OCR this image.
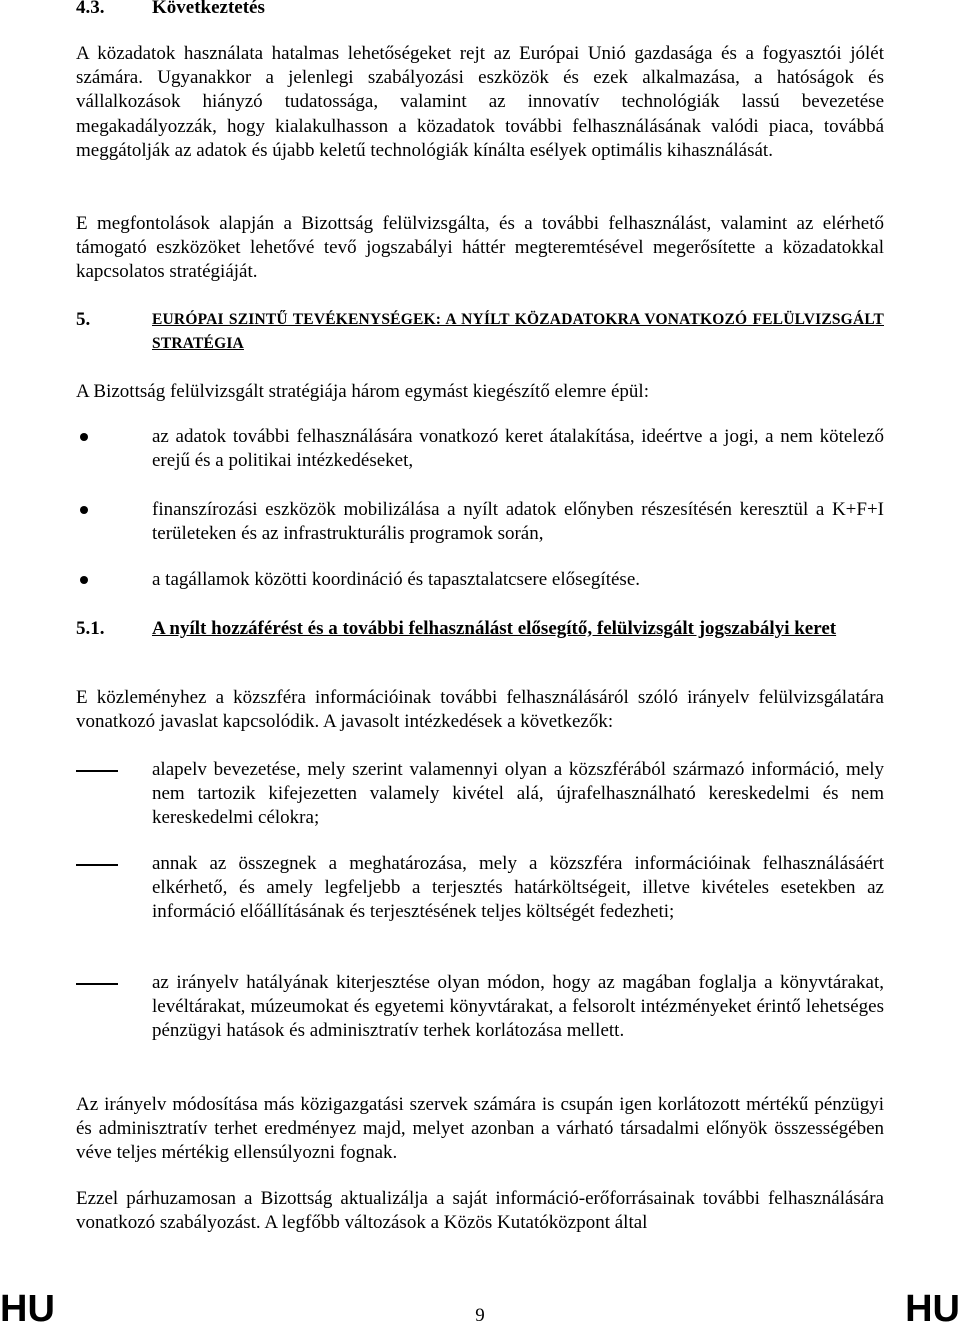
4.3.	Következtetés
A közadatok használata hatalmas lehetőségeket rejt az Európai Unió gazdasága és a fogyasztói jólét számára. Ugyanakkor a jelenlegi szabályozási eszközök és ezek alkalmazása, a hatóságok és vállalkozások hiányzó tudatossága, valamint az innovatív technológiák lassú bevezetése megakadályozzák, hogy kialakulhasson a közadatok további felhasználásának valódi piaca, továbbá meggátolják az adatok és újabb keletű technológiák kínálta esélyek optimális kihasználását.
E megfontolások alapján a Bizottság felülvizsgálta, és a további felhasználást, valamint az elérhető támogató eszközöket lehetővé tevő jogszabályi háttér megteremtésével megerősítette a közadatokkal kapcsolatos stratégiáját.
5.	EURÓPAI SZINTŰ TEVÉKENYSÉGEK: A NYÍLT KÖZADATOKRA VONATKOZÓ FELÜLVIZSGÁLT STRATÉGIA
A Bizottság felülvizsgált stratégiája három egymást kiegészítő elemre épül:
az adatok további felhasználására vonatkozó keret átalakítása, ideértve a jogi, a nem kötelező erejű és a politikai intézkedéseket,
finanszírozási eszközök mobilizálása a nyílt adatok előnyben részesítésén keresztül a K+F+I területeken és az infrastrukturális programok során,
a tagállamok közötti koordináció és tapasztalatcsere elősegítése.
5.1.	A nyílt hozzáférést és a további felhasználást elősegítő, felülvizsgált jogszabályi keret
E közleményhez a közszféra információinak további felhasználásáról szóló irányelv felülvizsgálatára vonatkozó javaslat kapcsolódik. A javasolt intézkedések a következők:
alapelv bevezetése, mely szerint valamennyi olyan a közszférából származó információ, mely nem tartozik kifejezetten valamely kivétel alá, újrafelhasználható kereskedelmi és nem kereskedelmi célokra;
annak az összegnek a meghatározása, mely a közszféra információinak felhasználásáért elkérhető, és amely legfeljebb a terjesztés határköltségeit, illetve kivételes esetekben az információ előállításának és terjesztésének teljes költségét fedezheti;
az irányelv hatályának kiterjesztése olyan módon, hogy az magában foglalja a könyvtárakat, levéltárakat, múzeumokat és egyetemi könyvtárakat, a felsorolt intézményeket érintő lehetséges pénzügyi hatások és adminisztratív terhek korlátozása mellett.
Az irányelv módosítása más közigazgatási szervek számára is csupán igen korlátozott mértékű pénzügyi és adminisztratív terhet eredményez majd, melyet azonban a várható társadalmi előnyök összességében véve teljes mértékig ellensúlyozni fognak.
Ezzel párhuzamosan a Bizottság aktualizálja a saját információ-erőforrásainak további felhasználására vonatkozó szabályozást. A legfőbb változások a Közös Kutatóközpont által
HU	9	HU
